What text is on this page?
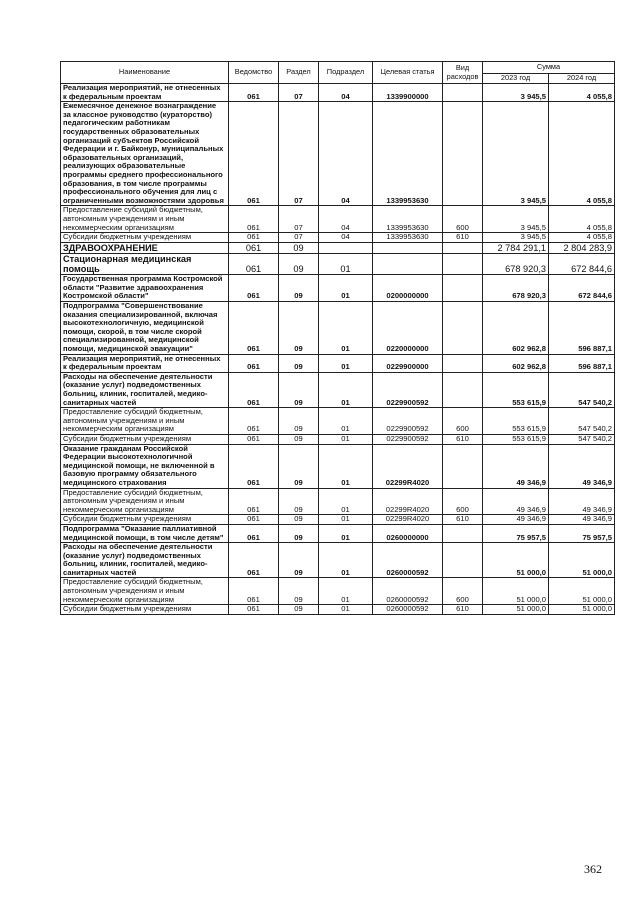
Наименование	Ведомство	Раздел	Подраздел	Целевая статья	Вид расходов	Сумма	
						2023 год	2024 год
Реализация мероприятий, не отнесенных к федеральным проектам	061	07	04	1339900000		3 945,5	4 055,8
Ежемесячное денежное вознаграждение за классное руководство (кураторство) педагогическим работникам государственных образовательных организаций субъектов Российской Федерации и г. Байконур, муниципальных образовательных организаций, реализующих образовательные программы среднего профессионального образования, в том числе программы профессионального обучения для лиц с ограниченными возможностями здоровья	061	07	04	1339953630		3 945,5	4 055,8
Предоставление субсидий бюджетным, автономным учреждениям и иным некоммерческим организациям	061	07	04	1339953630	600	3 945,5	4 055,8
Субсидии бюджетным учреждениям	061	07	04	1339953630	610	3 945,5	4 055,8
ЗДРАВООХРАНЕНИЕ	061	09				2 784 291,1	2 804 283,9
Стационарная медицинская помощь	061	09	01			678 920,3	672 844,6
Государственная программа Костромской области "Развитие здравоохранения Костромской области"	061	09	01	0200000000		678 920,3	672 844,6
Подпрограмма "Совершенствование оказания специализированной, включая высокотехнологичную, медицинской помощи, скорой, в том числе скорой специализированной, медицинской помощи, медицинской эвакуации"	061	09	01	0220000000		602 962,8	596 887,1
Реализация мероприятий, не отнесенных к федеральным проектам	061	09	01	0229900000		602 962,8	596 887,1
Расходы на обеспечение деятельности (оказание услуг) подведомственных больниц, клиник, госпиталей, медико-санитарных частей	061	09	01	0229900592		553 615,9	547 540,2
Предоставление субсидий бюджетным, автономным учреждениям и иным некоммерческим организациям	061	09	01	0229900592	600	553 615,9	547 540,2
Субсидии бюджетным учреждениям	061	09	01	0229900592	610	553 615,9	547 540,2
Оказание гражданам Российской Федерации высокотехнологичной медицинской помощи, не включенной в базовую программу обязательного медицинского страхования	061	09	01	02299R4020		49 346,9	49 346,9
Предоставление субсидий бюджетным, автономным учреждениям и иным некоммерческим организациям	061	09	01	02299R4020	600	49 346,9	49 346,9
Субсидии бюджетным учреждениям	061	09	01	02299R4020	610	49 346,9	49 346,9
Подпрограмма "Оказание паллиативной медицинской помощи, в том числе детям"	061	09	01	0260000000		75 957,5	75 957,5
Расходы на обеспечение деятельности (оказание услуг) подведомственных больниц, клиник, госпиталей, медико-санитарных частей	061	09	01	0260000592		51 000,0	51 000,0
Предоставление субсидий бюджетным, автономным учреждениям и иным некоммерческим организациям	061	09	01	0260000592	600	51 000,0	51 000,0
Субсидии бюджетным учреждениям	061	09	01	0260000592	610	51 000,0	51 000,0
362
